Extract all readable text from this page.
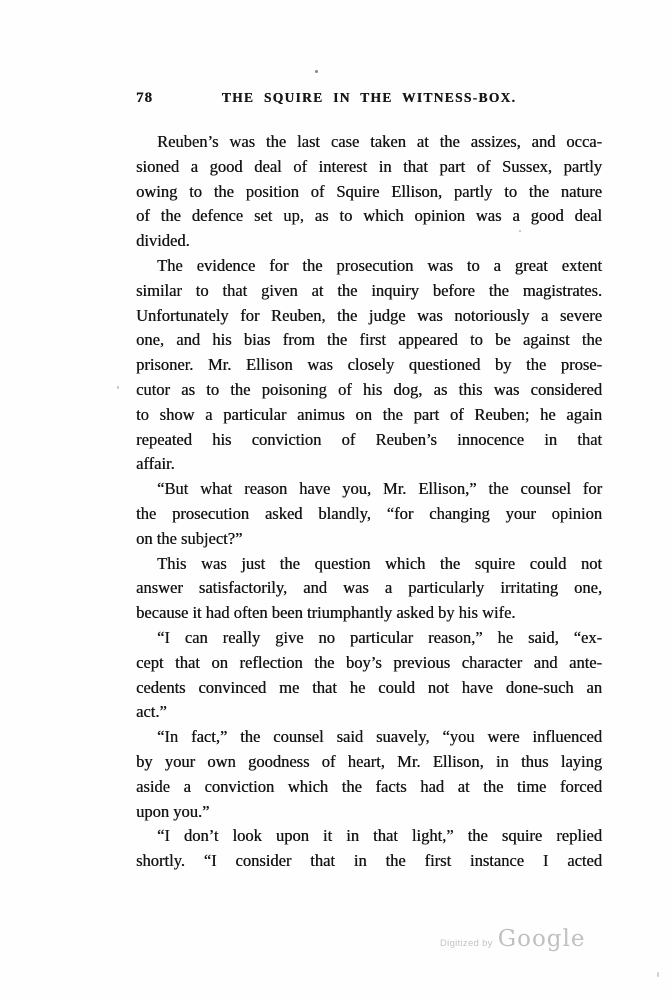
78	THE SQUIRE IN THE WITNESS-BOX.
Reuben’s was the last case taken at the assizes, and occa-
sioned a good deal of interest in that part of Sussex, partly
owing to the position of Squire Ellison, partly to the nature
of the defence set up, as to which opinion was a good deal
divided.
The evidence for the prosecution was to a great extent
similar to that given at the inquiry before the magistrates.
Unfortunately for Reuben, the judge was notoriously a severe
one, and his bias from the first appeared to be against the
prisoner. Mr. Ellison was closely questioned by the prose-
cutor as to the poisoning of his dog, as this was considered
to show a particular animus on the part of Reuben; he again
repeated his conviction of Reuben’s innocence in that
affair.
“But what reason have you, Mr. Ellison,” the counsel for
the prosecution asked blandly, “for changing your opinion
on the subject?”
This was just the question which the squire could not
answer satisfactorily, and was a particularly irritating one,
because it had often been triumphantly asked by his wife.
“I can really give no particular reason,” he said, “ex-
cept that on reflection the boy’s previous character and ante-
cedents convinced me that he could not have done-such an
act.”
“In fact,” the counsel said suavely, “you were influenced
by your own goodness of heart, Mr. Ellison, in thus laying
aside a conviction which the facts had at the time forced
upon you.”
“I don’t look upon it in that light,” the squire replied
shortly. “I consider that in the first instance I acted
Digitized by Google
